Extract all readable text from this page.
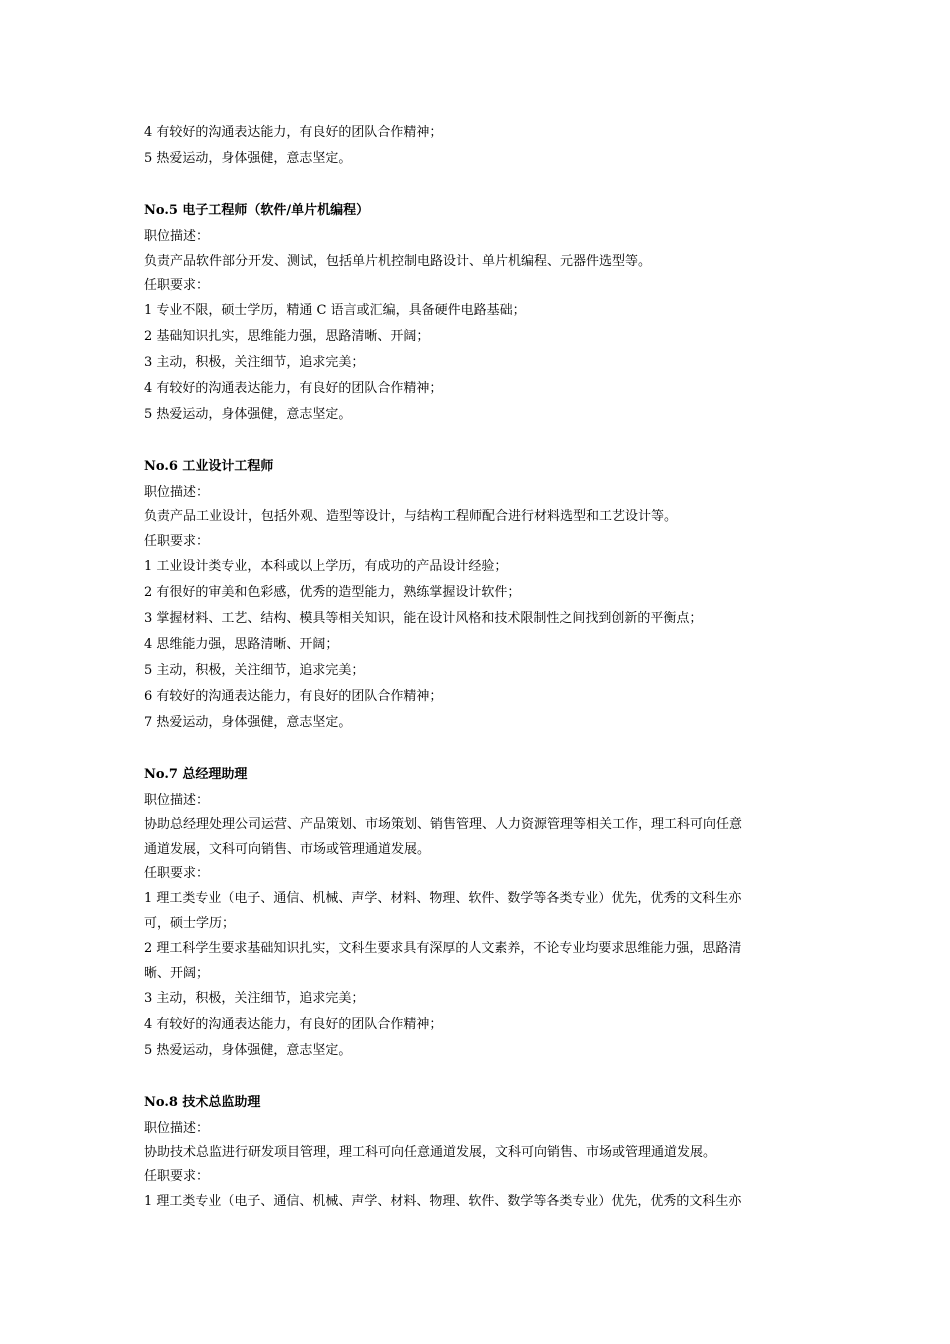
4 有较好的沟通表达能力，有良好的团队合作精神；
5 热爱运动，身体强健，意志坚定。
No.5 电子工程师（软件/单片机编程）
职位描述：
负责产品软件部分开发、测试，包括单片机控制电路设计、单片机编程、元器件选型等。
任职要求：
1 专业不限，硕士学历，精通 C 语言或汇编，具备硬件电路基础；
2 基础知识扎实，思维能力强，思路清晰、开阔；
3 主动，积极，关注细节，追求完美；
4 有较好的沟通表达能力，有良好的团队合作精神；
5 热爱运动，身体强健，意志坚定。
No.6 工业设计工程师
职位描述：
负责产品工业设计，包括外观、造型等设计，与结构工程师配合进行材料选型和工艺设计等。
任职要求：
1 工业设计类专业，本科或以上学历，有成功的产品设计经验；
2 有很好的审美和色彩感，优秀的造型能力，熟练掌握设计软件；
3 掌握材料、工艺、结构、模具等相关知识，能在设计风格和技术限制性之间找到创新的平衡点；
4 思维能力强，思路清晰、开阔；
5 主动，积极，关注细节，追求完美；
6 有较好的沟通表达能力，有良好的团队合作精神；
7 热爱运动，身体强健，意志坚定。
No.7 总经理助理
职位描述：
协助总经理处理公司运营、产品策划、市场策划、销售管理、人力资源管理等相关工作，理工科可向任意
通道发展，文科可向销售、市场或管理通道发展。
任职要求：
1 理工类专业（电子、通信、机械、声学、材料、物理、软件、数学等各类专业）优先，优秀的文科生亦
可，硕士学历；
2 理工科学生要求基础知识扎实，文科生要求具有深厚的人文素养，不论专业均要求思维能力强，思路清
晰、开阔；
3 主动，积极，关注细节，追求完美；
4 有较好的沟通表达能力，有良好的团队合作精神；
5 热爱运动，身体强健，意志坚定。
No.8 技术总监助理
职位描述：
协助技术总监进行研发项目管理，理工科可向任意通道发展，文科可向销售、市场或管理通道发展。
任职要求：
1 理工类专业（电子、通信、机械、声学、材料、物理、软件、数学等各类专业）优先，优秀的文科生亦
